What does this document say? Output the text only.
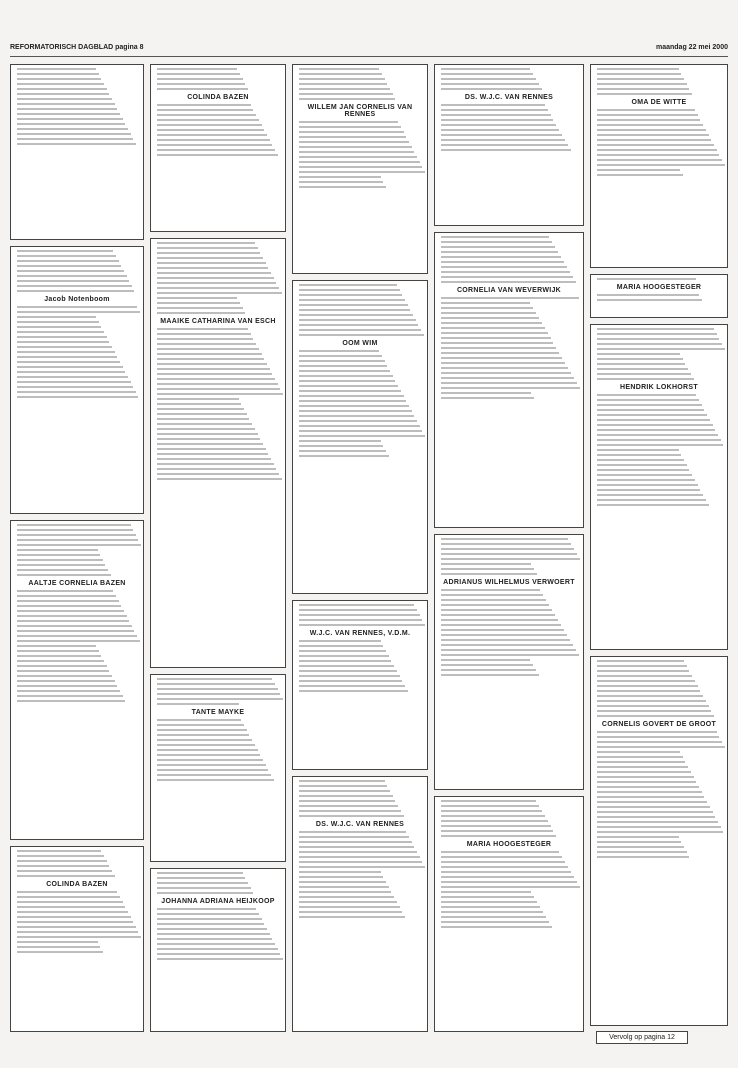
REFORMATORISCH DAGBLAD pagina 8	maandag 22 mei 2000
Jacob Notenboom
AALTJE CORNELIA BAZEN
COLINDA BAZEN
COLINDA BAZEN
MAAIKE CATHARINA VAN ESCH
TANTE MAYKE
JOHANNA ADRIANA HEIJKOOP
WILLEM JAN CORNELIS VAN RENNES
OOM WIM
W.J.C. VAN RENNES, V.D.M.
DS. W.J.C. VAN RENNES
DS. W.J.C. VAN RENNES
CORNELIA VAN WEVERWIJK
ADRIANUS WILHELMUS VERWOERT
MARIA HOOGESTEGER
OMA DE WITTE
MARIA HOOGESTEGER
HENDRIK LOKHORST
CORNELIS GOVERT DE GROOT
Vervolg op pagina 12
